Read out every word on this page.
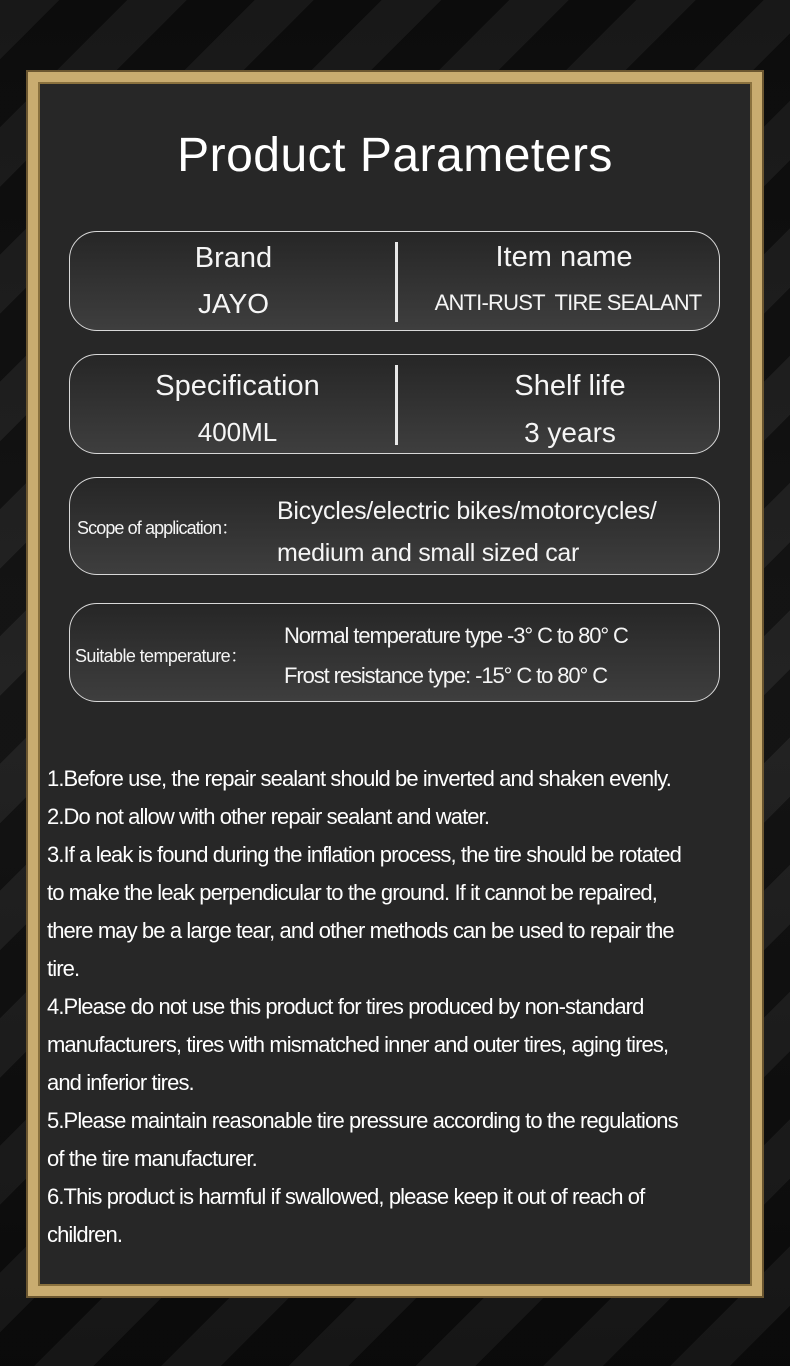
Product Parameters
Brand
JAYO
Item name
ANTI-RUST  TIRE SEALANT
Specification
400ML
Shelf life
3 years
Scope of application：
Bicycles/electric bikes/motorcycles/
medium and small sized car
Suitable temperature：
Normal temperature type -3° C to 80° C
Frost resistance type: -15° C to 80° C
1.Before use, the repair sealant should be inverted and shaken evenly.
2.Do not allow with other repair sealant and water.
3.If a leak is found during the inflation process, the tire should be rotated
to make the leak perpendicular to the ground. If it cannot be repaired,
there may be a large tear, and other methods can be used to repair the
tire.
4.Please do not use this product for tires produced by non-standard
manufacturers, tires with mismatched inner and outer tires, aging tires,
and inferior tires.
5.Please maintain reasonable tire pressure according to the regulations
of the tire manufacturer.
6.This product is harmful if swallowed, please keep it out of reach of
children.
